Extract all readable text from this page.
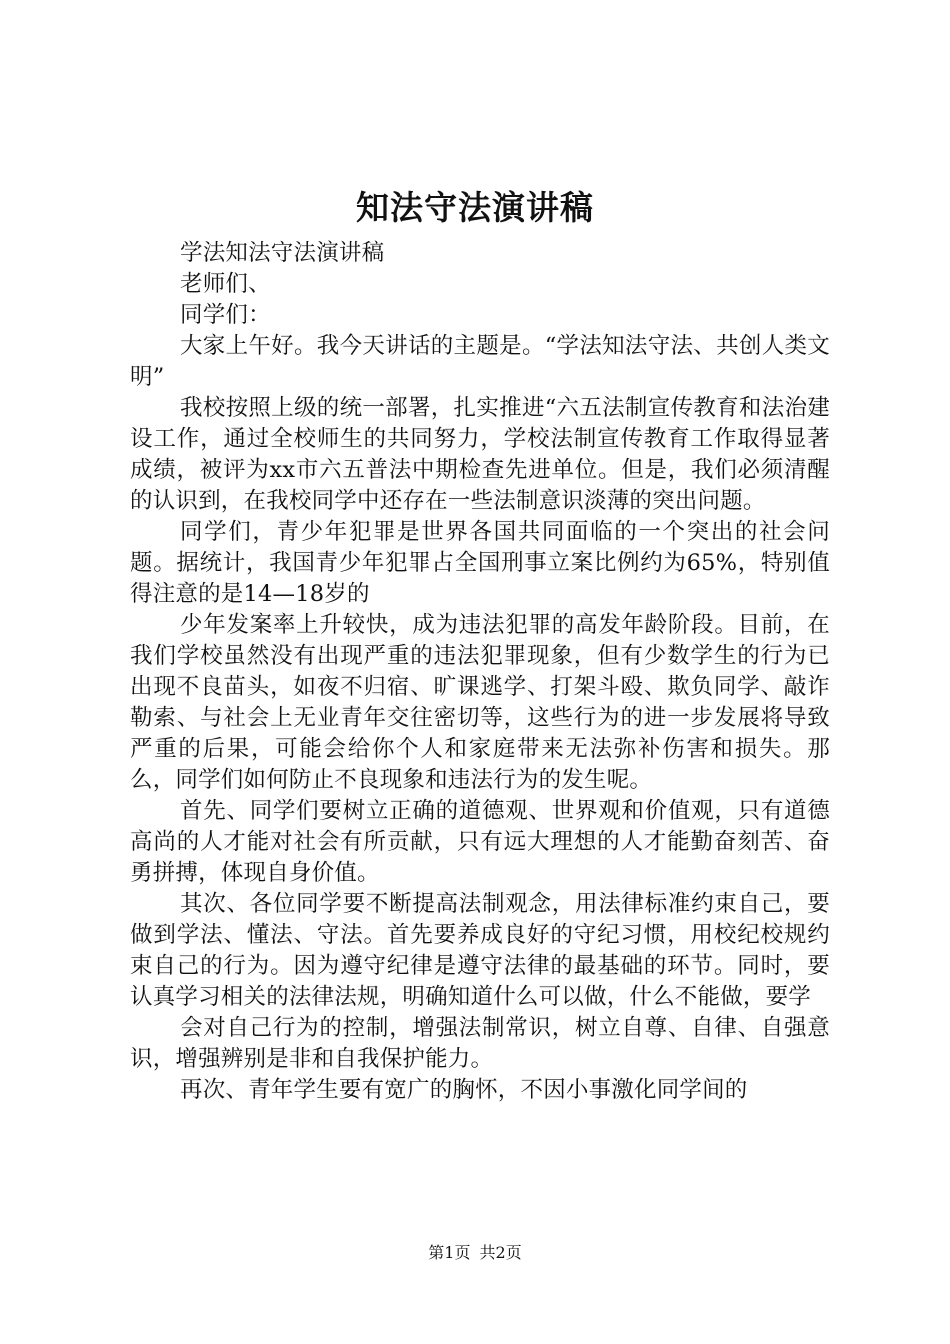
知法守法演讲稿

学法知法守法演讲稿

老师们、

同学们：

大家上午好。我今天讲话的主题是。“学法知法守法、共创人类文明”

我校按照上级的统一部署，扎实推进“六五法制宣传教育和法治建设工作，通过全校师生的共同努力，学校法制宣传教育工作取得显著成绩，被评为xx市六五普法中期检查先进单位。但是，我们必须清醒的认识到，在我校同学中还存在一些法制意识淡薄的突出问题。

同学们，青少年犯罪是世界各国共同面临的一个突出的社会问题。据统计，我国青少年犯罪占全国刑事立案比例约为65%，特别值得注意的是14—18岁的

少年发案率上升较快，成为违法犯罪的高发年龄阶段。目前，在我们学校虽然没有出现严重的违法犯罪现象，但有少数学生的行为已出现不良苗头，如夜不归宿、旷课逃学、打架斗殴、欺负同学、敲诈勒索、与社会上无业青年交往密切等，这些行为的进一步发展将导致严重的后果，可能会给你个人和家庭带来无法弥补伤害和损失。那么，同学们如何防止不良现象和违法行为的发生呢。

首先、同学们要树立正确的道德观、世界观和价值观，只有道德高尚的人才能对社会有所贡献，只有远大理想的人才能勤奋刻苦、奋勇拼搏，体现自身价值。

其次、各位同学要不断提高法制观念，用法律标准约束自己，要做到学法、懂法、守法。首先要养成良好的守纪习惯，用校纪校规约束自己的行为。因为遵守纪律是遵守法律的最基础的环节。同时，要认真学习相关的法律法规，明确知道什么可以做，什么不能做，要学

会对自己行为的控制，增强法制常识，树立自尊、自律、自强意识，增强辨别是非和自我保护能力。

再次、青年学生要有宽广的胸怀，不因小事激化同学间的

第1页 共2页
